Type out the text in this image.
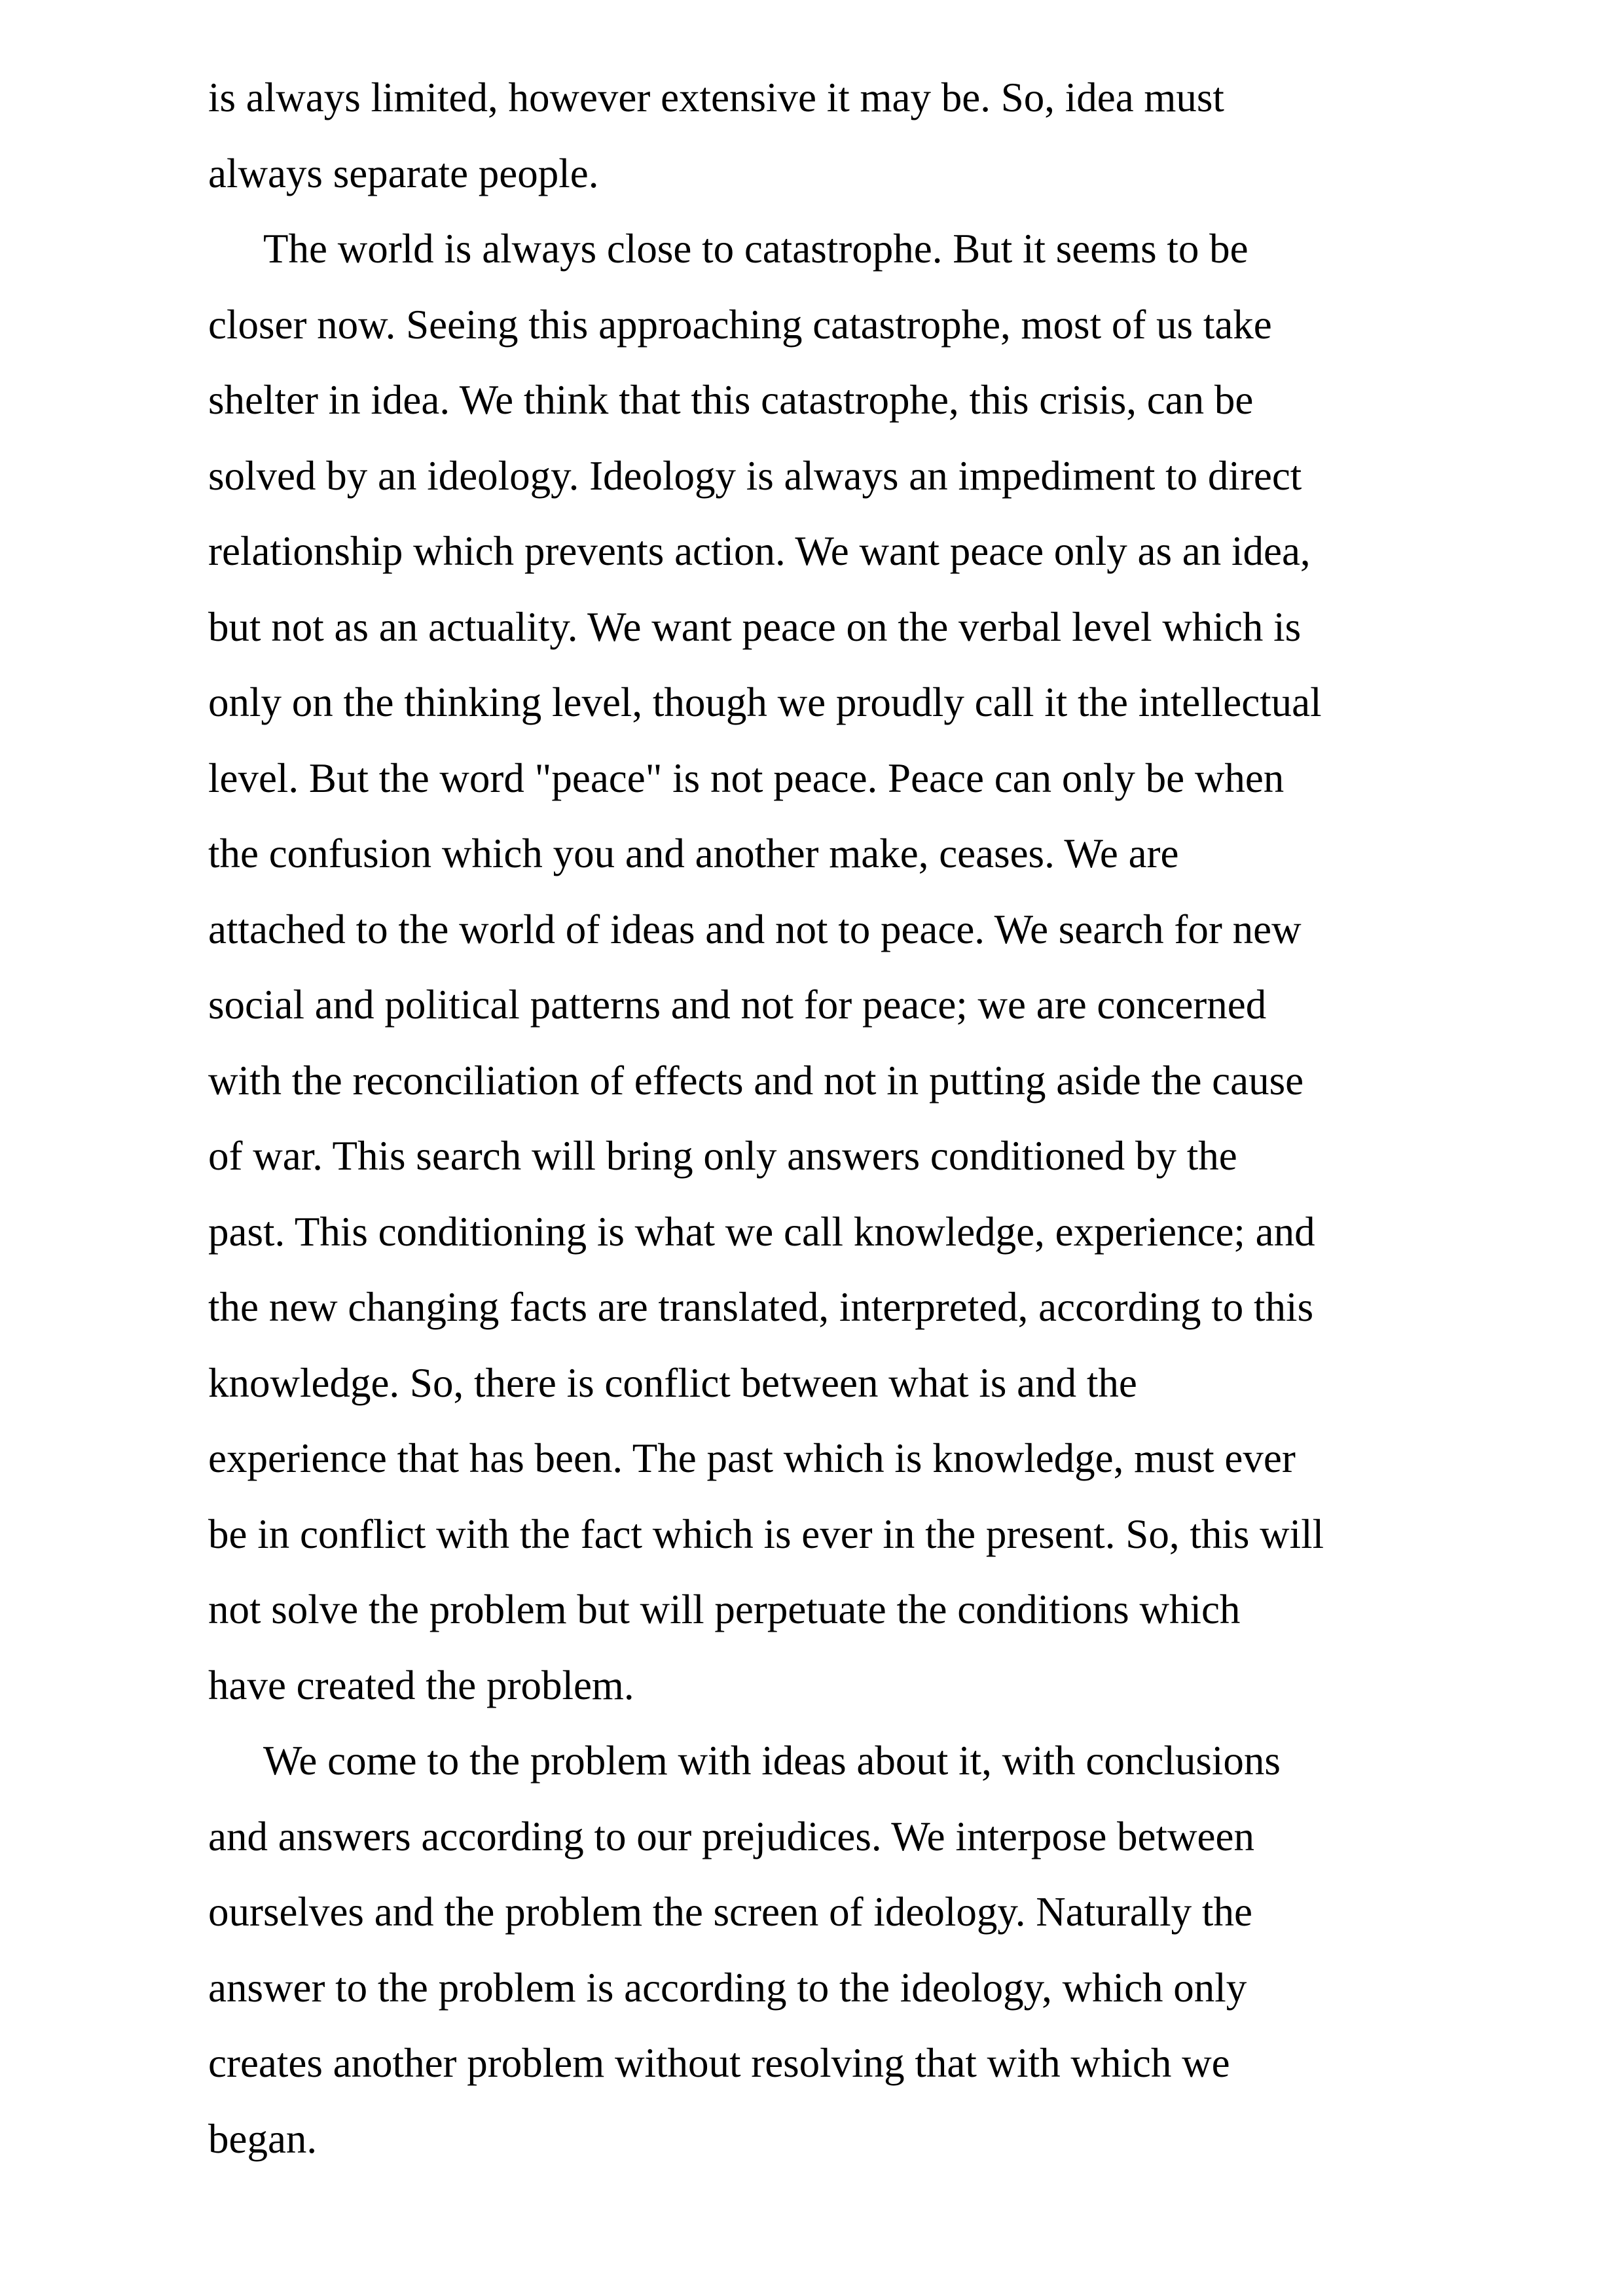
is always limited, however extensive it may be. So, idea must
always separate people.
The world is always close to catastrophe. But it seems to be
closer now. Seeing this approaching catastrophe, most of us take
shelter in idea. We think that this catastrophe, this crisis, can be
solved by an ideology. Ideology is always an impediment to direct
relationship which prevents action. We want peace only as an idea,
but not as an actuality. We want peace on the verbal level which is
only on the thinking level, though we proudly call it the intellectual
level. But the word "peace" is not peace. Peace can only be when
the confusion which you and another make, ceases. We are
attached to the world of ideas and not to peace. We search for new
social and political patterns and not for peace; we are concerned
with the reconciliation of effects and not in putting aside the cause
of war. This search will bring only answers conditioned by the
past. This conditioning is what we call knowledge, experience; and
the new changing facts are translated, interpreted, according to this
knowledge. So, there is conflict between what is and the
experience that has been. The past which is knowledge, must ever
be in conflict with the fact which is ever in the present. So, this will
not solve the problem but will perpetuate the conditions which
have created the problem.
We come to the problem with ideas about it, with conclusions
and answers according to our prejudices. We interpose between
ourselves and the problem the screen of ideology. Naturally the
answer to the problem is according to the ideology, which only
creates another problem without resolving that with which we
began.
